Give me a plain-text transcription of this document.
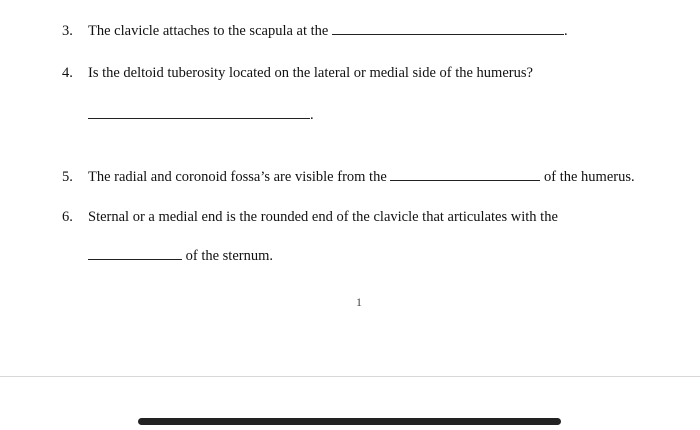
3. The clavicle attaches to the scapula at the	.
4. Is the deltoid tuberosity located on the lateral or medial side of the humerus?
.
5. The radial and coronoid fossa’s are visible from the	of the humerus.
6. Sternal or a medial end is the rounded end of the clavicle that articulates with the
of the sternum.
1
